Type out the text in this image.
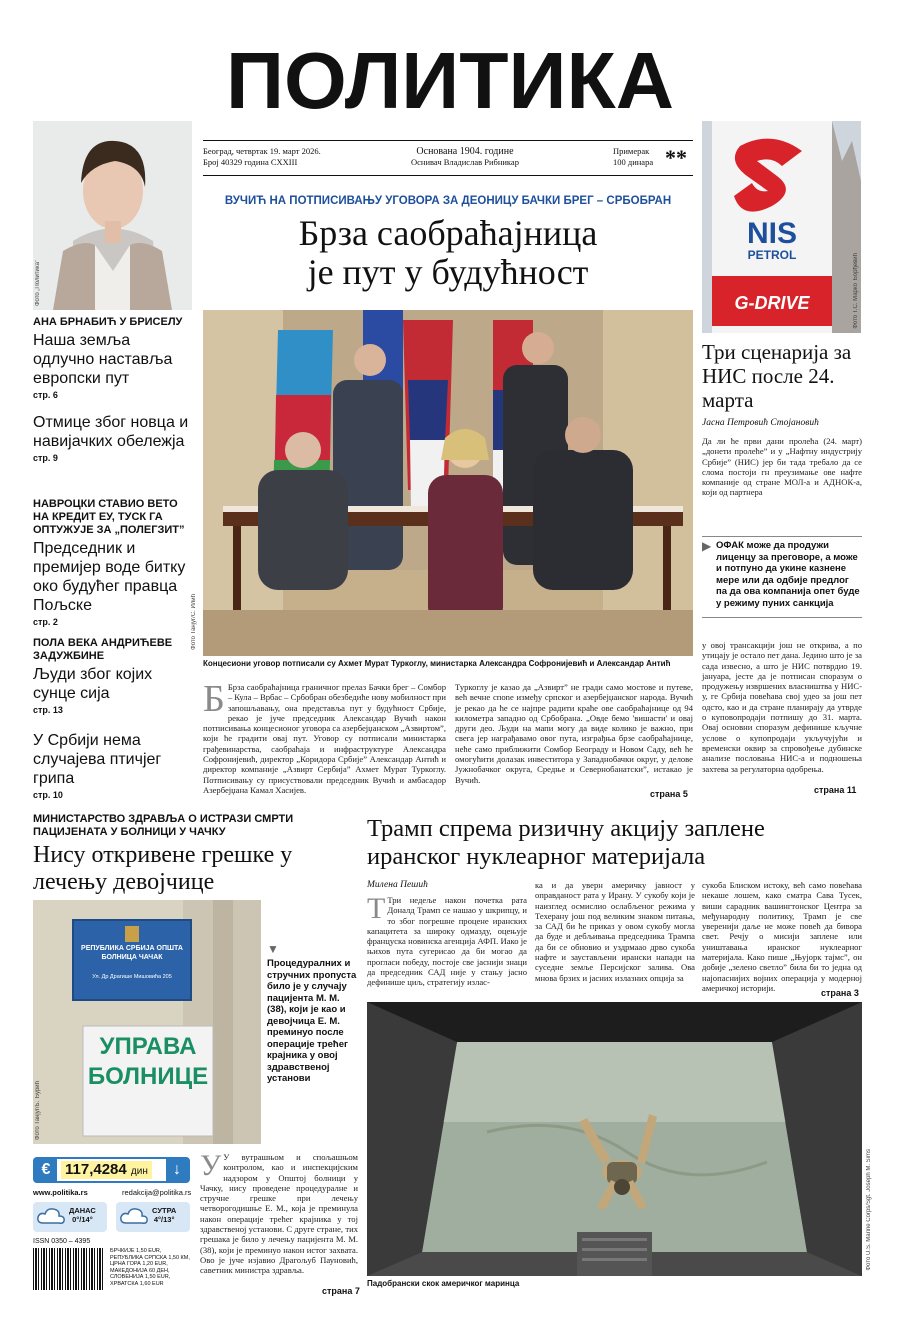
ПОЛИТИКА
Београд, четвртак 19. март 2026.
Број 40329 година CXXIII
Основана 1904. године
Оснивач Владислав Рибникар
Примерак
100 динара **
Фото „Политика”
АНА БРНАБИЋ У БРИСЕЛУ
Наша земља одлучно наставља европски пут
стр. 6
Отмице због новца и навијачких обележја
стр. 9
НАВРОЦКИ СТАВИО ВЕТО НА КРЕДИТ ЕУ, ТУСК ГА ОПТУЖУЈЕ ЗА „ПОЛЕГЗИТ”
Председник и премијер воде битку око будућег правца Пољске
стр. 2
ПОЛА ВЕКА АНДРИЋЕВЕ ЗАДУЖБИНЕ
Људи због којих сунце сија
стр. 13
У Србији нема случајева птичјег грипа
стр. 10
ВУЧИЋ НА ПОТПИСИВАЊУ УГОВОРА ЗА ДЕОНИЦУ БАЧКИ БРЕГ – СРБОБРАН
Брза саобраћајница
је пут у будућност
Фото Танјуг/С. Илић
Концесиони уговор потписали су Ахмет Мурат Туркоглу, министарка Александра Софронијевић и Александар Антић
Б Брза саобраћајница граничног прелаз Бачки брег – Сомбор – Кула – Врбас – Србобран обезбедиће нову мобилност при запошљавању, она представља пут у будућност Србије, рекао је јуче председник Александар Вучић након потписивања концесионог уговора са азербејџанском „Азвиртом”, који ће градити овај пут. Уговор су потписали министарка грађевинарства, саобраћаја и инфраструктуре Александра Софронијевић, директор „Коридора Србије” Александар Антић и директор компаније „Азвирт Сербија” Ахмет Мурат Туркоглу. Потписивању су присуствовали председник Вучић и амбасадор Азербејџана Камал Хасијев.
Туркоглу је казао да „Азвирт” не гради само мостове и путеве, већ вечне спone између српског и азербејџанског народа. Вучић је рекао да ће се најпре радити краће ове саобраћајнице од 94 километра западно од Србобрана. „Овде бемо 'вишасти' и овај други део. Људи на мапи могу да виде колико је важно, при свега јер награђавамо овог пута, изграђња брзе саобраћајнице, неће само приближити Сомбор Београду и Новом Саду, већ ће омогућити долазак инвеститора у Западнобачки округ, у делове Јужнобачког округа, Средње и Севернобанатски”, истакао је Вучић.
страна 5
NIS
PETROL
G-DRIVE	Фото Т.С. Марко Ђорђевић
Три сценарија за НИС после 24. марта
Јасна Петровић Стојановић
Да ли ће први дани пролећа (24. март) „донети пролеће” и у „Нафтну индустрију Србије” (НИС) јер би тада требало да се слома постоји гн преузимање ове нафте компаније од стране МОЛ-а и АДНОК-а, који од партнера
▶ ОФАК може да продужи лиценцу за преговоре, а може и потпуно да укине казнене мере или да одбије предлог па да ова компанија опет буде у режиму пуних санкција
у овој трансакцији још не открива, а по утицају је остало пет дана. Једино што је за сада извесно, а што је НИС потврдио 19. јануара, јесте да је потписан споразум о продужењу извршених власништва у НИС-у, ге Србија повећава свој удео за још пет одсто, као и да стране планирају да утврде о куповопродаји потпишу до 31. марта. Овај основни споразум дефинише кључне услове о купопродаји укључујући и временски оквир за спровођење дубинске анализе пословања НИС-а и подношења захтева за регулаторна одобрења.
страна 11
МИНИСТАРСТВО ЗДРАВЉА О ИСТРАЗИ СМРТИ ПАЦИЈЕНАТА У БОЛНИЦИ У ЧАЧКУ
Нису откривене грешке у лечењу девојчице
РЕПУБЛИКА СРБИЈА ОПШТА БОЛНИЦА ЧАЧАК
Ул. Др Драгише Мишовића 205
УПРАВА
БОЛНИЦЕ
Фото Танјуг/Б. Ђурић
▼
Процедуралних и стручних пропуста било је у случају пацијента М. М. (38), који је као и девојчица Е. М. преминуо после операције трећег крајника у овој здравственој установи
У У вутрашњом и спољашњом контролом, као и инспекцијским надзором у Општој болници у Чачку, нису проведене процедуралне и стручне грешке при лечењу четворогодишње Е. М., која је преминула након операције трећег крајника у тој здравственој установи. С друге стране, тих грешака је било у лечењу пацијента М. М. (38), који је преминуо након истог захвата. Ово је јуче изјавио Драгољуб Пауновић, саветник министра здравља.
страна 7
€ 117,4284 дин	↓
www.politika.rs	redakcija@politika.rs
ДАНАС
0°/14°
СУТРА
4°/13°
ISSN 0350 – 4395
БРЧКИЈЕ 1,50 EUR, РЕПУБЛИКА СРПСКА 1,50 КМ, ЦРНА ГОРА 1,20 EUR, МАКЕДОНИЈА 60 ДЕН, СЛОВЕНИЈА 1,50 EUR, ХРВАТСКА 1,60 EUR
Трамп спрема ризичну акцију заплене
иранског нуклеарног материјала
Милена Пешић
Т Три недеље након почетка рата Доналд Трамп се нашао у шкрипцу, и то због погрешне процене иранских капацитета за широку одмазду, оцењује француска новинска агенција АФП. Иако је њихов пута сугерисао да би могао да проглаcи победу, постоје све јаснији знаци да председник САД није у стању јасно дефинише циљ, стратегију излас-
ка и да уверн америчку јавност у оправданост рата у Ирану. У сукобу који је наизглед осмислио ослабљеног режима у Техерану још под великим знаком питања, за САД би ће приказ у овом сукобу могла да буде и дебљивања председника Трампа да би се обновио и уздрмаао дрво сукоба нафте и заустављени ирански напади на суседне земље Персијског залива. Ова мнoва брзих и јасних излазних опција за
сукобa Блиском истоку, већ само повећава некаше лошем, како сматра Сава Тусек, виши сарадник вашингтонског Центра за међународну политику, Трамп је све уверенији даље не може повећ да бивора свет. Речју о мисији заплене или уништавања иранског нуклеарног материјала. Како пише „Њујорк тајмс”, он добије „зелено светло” била би то једна од најопаснијих војних операција у модерној америчкој историји.
страна 3
Фото U.S. Marine Corps/Sgt. Joseph M. Sims
Падобрански скок америчког маринца
